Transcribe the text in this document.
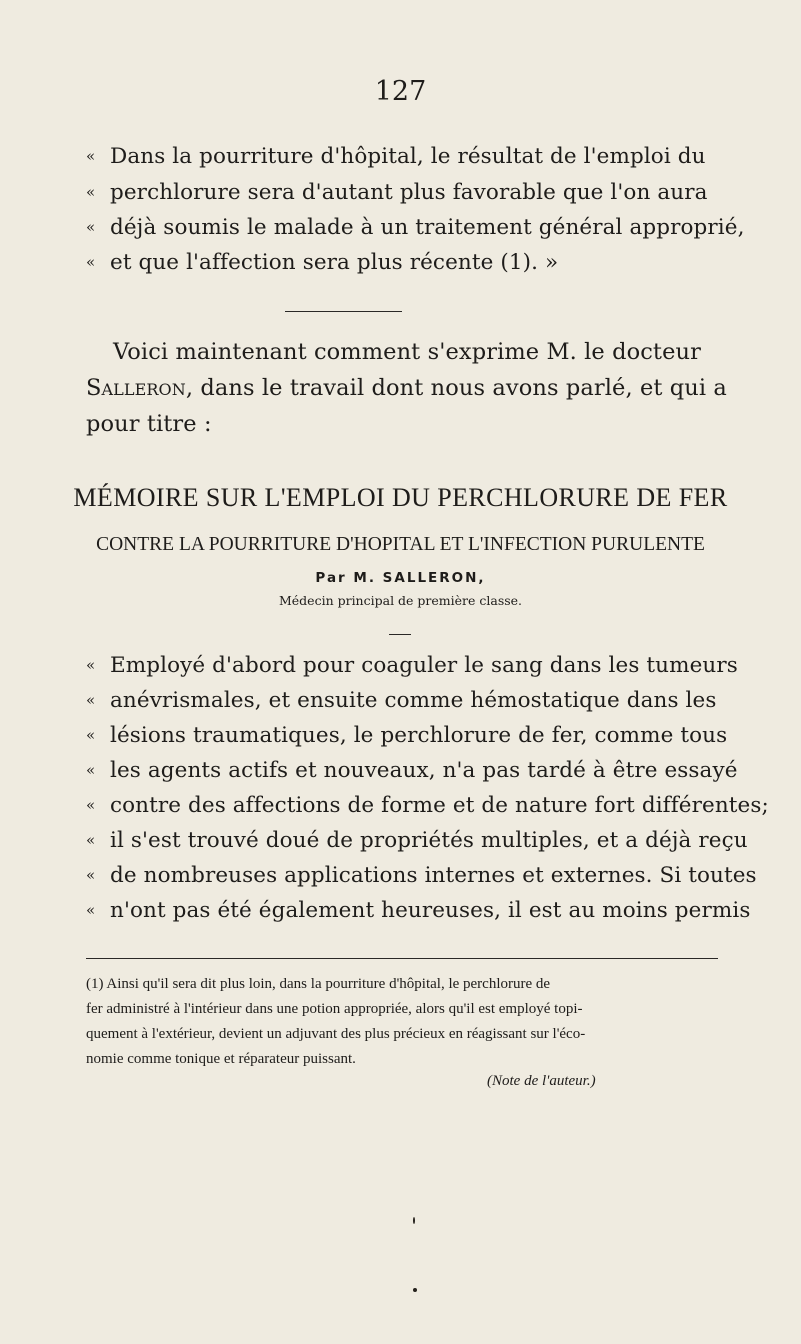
127
« Dans la pourriture d'hôpital, le résultat de l'emploi du
« perchlorure sera d'autant plus favorable que l'on aura
« déjà soumis le malade à un traitement général approprié,
« et que l'affection sera plus récente (1). »
Voici maintenant comment s'exprime M. le docteur
Salleron, dans le travail dont nous avons parlé, et qui a
pour titre :
MÉMOIRE SUR L'EMPLOI DU PERCHLORURE DE FER
CONTRE LA POURRITURE D'HOPITAL ET L'INFECTION PURULENTE
Par M. SALLERON,
Médecin principal de première classe.
« Employé d'abord pour coaguler le sang dans les tumeurs
« anévrismales, et ensuite comme hémostatique dans les
« lésions traumatiques, le perchlorure de fer, comme tous
« les agents actifs et nouveaux, n'a pas tardé à être essayé
« contre des affections de forme et de nature fort différentes;
« il s'est trouvé doué de propriétés multiples, et a déjà reçu
« de nombreuses applications internes et externes. Si toutes
« n'ont pas été également heureuses, il est au moins permis
(1) Ainsi qu'il sera dit plus loin, dans la pourriture d'hôpital, le perchlorure de
fer administré à l'intérieur dans une potion appropriée, alors qu'il est employé topi-
quement à l'extérieur, devient un adjuvant des plus précieux en réagissant sur l'éco-
nomie comme tonique et réparateur puissant.
(Note de l'auteur.)
